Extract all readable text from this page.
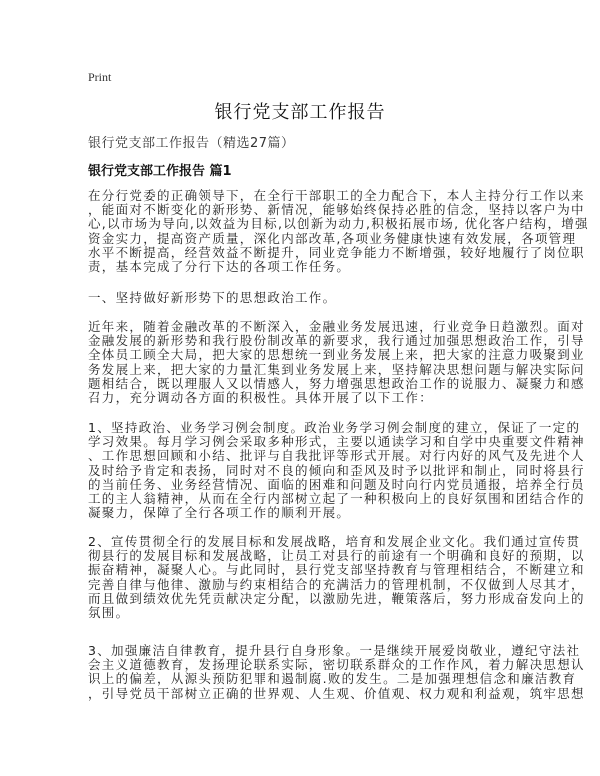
Print
银行党支部工作报告
银行党支部工作报告（精选27篇）
银行党支部工作报告 篇1
在分行党委的正确领导下，在全行干部职工的全力配合下，本人主持分行工作以来
，能面对不断变化的新形势、新情况，能够始终保持必胜的信念，坚持以客户为中
心,以市场为导向,以效益为目标,以创新为动力,积极拓展市场, 优化客户结构，增强
资金实力，提高资产质量，深化内部改革,各项业务健康快速有效发展，各项管理
水平不断提高，经营效益不断提升，同业竞争能力不断增强，较好地履行了岗位职
责，基本完成了分行下达的各项工作任务。
一、坚持做好新形势下的思想政治工作。
近年来，随着金融改革的不断深入，金融业务发展迅速，行业竞争日趋激烈。面对
金融发展的新形势和我行股份制改革的新要求，我行通过加强思想政治工作，引导
全体员工顾全大局，把大家的思想统一到业务发展上来，把大家的注意力吸聚到业
务发展上来，把大家的力量汇集到业务发展上来，坚持解决思想问题与解决实际问
题相结合，既以理服人又以情感人，努力增强思想政治工作的说服力、凝聚力和感
召力，充分调动各方面的积极性。具体开展了以下工作：
1、坚持政治、业务学习例会制度。政治业务学习例会制度的建立，保证了一定的
学习效果。每月学习例会采取多种形式，主要以通读学习和自学中央重要文件精神
、工作思想回顾和小结、批评与自我批评等形式开展。对行内好的风气及先进个人
及时给予肯定和表扬，同时对不良的倾向和歪风及时予以批评和制止，同时将县行
的当前任务、业务经营情况、面临的困难和问题及时向行内党员通报，培养全行员
工的主人翁精神，从而在全行内部树立起了一种积极向上的良好氛围和团结合作的
凝聚力，保障了全行各项工作的顺利开展。
2、宣传贯彻全行的发展目标和发展战略，培育和发展企业文化。我们通过宣传贯
彻县行的发展目标和发展战略，让员工对县行的前途有一个明确和良好的预期，以
振奋精神，凝聚人心。与此同时，县行党支部坚持教育与管理相结合，不断建立和
完善自律与他律、激励与约束相结合的充满活力的管理机制，不仅做到人尽其才，
而且做到绩效优先凭贡献决定分配，以激励先进，鞭策落后，努力形成奋发向上的
氛围。
3、加强廉洁自律教育，提升县行自身形象。一是继续开展爱岗敬业，遵纪守法社
会主义道德教育，发扬理论联系实际，密切联系群众的工作作风，着力解决思想认
识上的偏差，从源头预防犯罪和遏制腐.败的发生。二是加强理想信念和廉洁教育
，引导党员干部树立正确的世界观、人生观、价值观、权力观和利益观，筑牢思想
